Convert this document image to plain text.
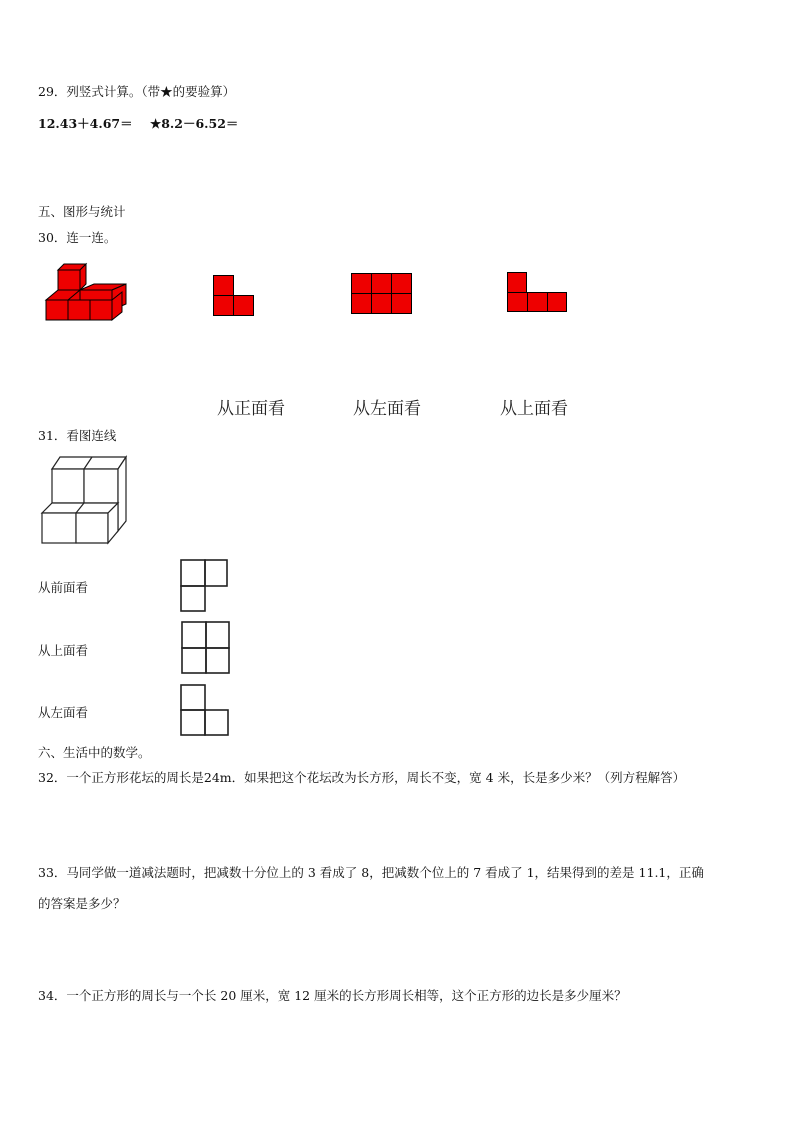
29．列竖式计算。（带★的要验算）
12.43＋4.67＝ ★8.2－6.52＝
五、图形与统计
30．连一连。
从正面看	从左面看	从上面看
31．看图连线
从前面看
从上面看
从左面看
六、生活中的数学。
32．一个正方形花坛的周长是24m．如果把这个花坛改为长方形，周长不变，宽 4 米，长是多少米？（列方程解答）
33．马同学做一道减法题时，把减数十分位上的 3 看成了 8，把减数个位上的 7 看成了 1，结果得到的差是 11.1，正确
的答案是多少？
34．一个正方形的周长与一个长 20 厘米，宽 12 厘米的长方形周长相等，这个正方形的边长是多少厘米？
